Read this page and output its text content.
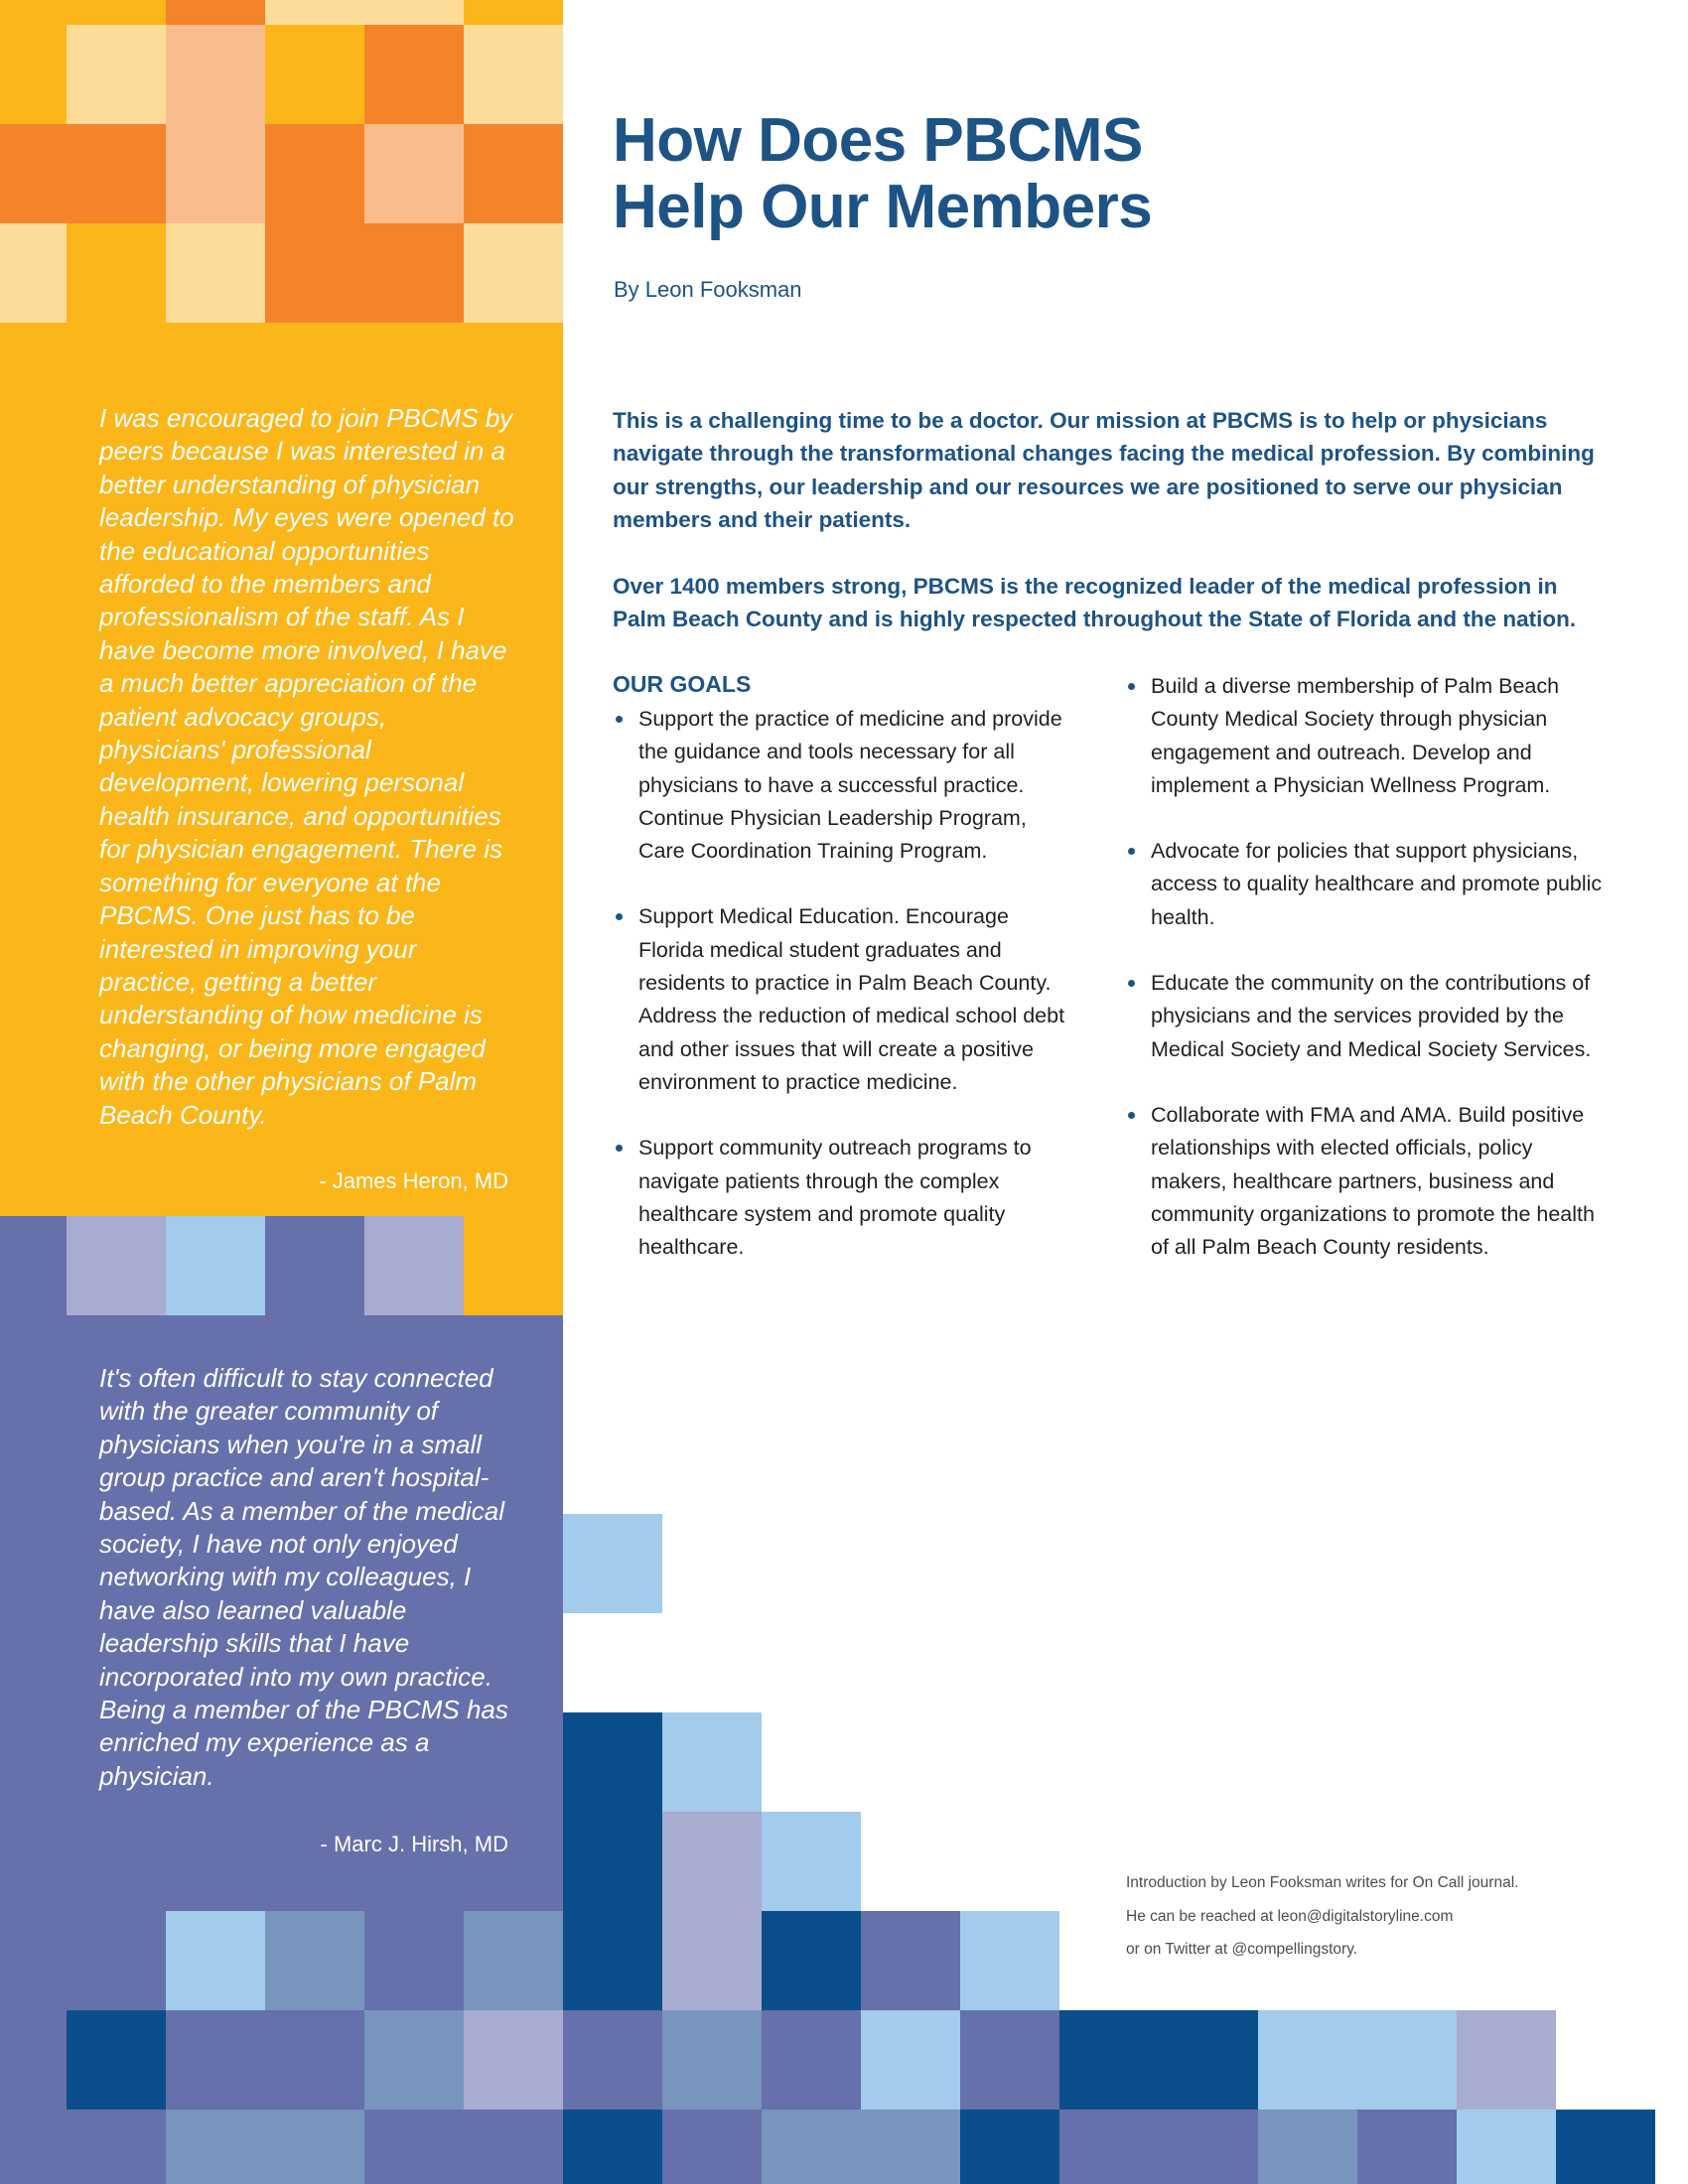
I was encouraged to join PBCMS by peers because I was interested in a better understanding of physician leadership. My eyes were opened to the educational opportunities afforded to the members and professionalism of the staff. As I have become more involved, I have a much better appreciation of the patient advocacy groups, physicians' professional development, lowering personal health insurance, and opportunities for physician engagement. There is something for everyone at the PBCMS. One just has to be interested in improving your practice, getting a better understanding of how medicine is changing, or being more engaged with the other physicians of Palm Beach County.

- James Heron, MD

It's often difficult to stay connected with the greater community of physicians when you're in a small group practice and aren't hospital-based. As a member of the medical society, I have not only enjoyed networking with my colleagues, I have also learned valuable leadership skills that I have incorporated into my own practice. Being a member of the PBCMS has enriched my experience as a physician.

- Marc J. Hirsh, MD
How Does PBCMS
Help Our Members
By Leon Fooksman

This is a challenging time to be a doctor. Our mission at PBCMS is to help or physicians navigate through the transformational changes facing the medical profession. By combining our strengths, our leadership and our resources we are positioned to serve our physician members and their patients.

Over 1400 members strong, PBCMS is the recognized leader of the medical profession in Palm Beach County and is highly respected throughout the State of Florida and the nation.

OUR GOALS
Support the practice of medicine and provide the guidance and tools necessary for all physicians to have a successful practice. Continue Physician Leadership Program, Care Coordination Training Program.
Support Medical Education. Encourage Florida medical student graduates and residents to practice in Palm Beach County. Address the reduction of medical school debt and other issues that will create a positive environment to practice medicine.
Support community outreach programs to navigate patients through the complex healthcare system and promote quality healthcare.
Build a diverse membership of Palm Beach County Medical Society through physician engagement and outreach. Develop and implement a Physician Wellness Program.
Advocate for policies that support physicians, access to quality healthcare and promote public health.
Educate the community on the contributions of physicians and the services provided by the Medical Society and Medical Society Services.
Collaborate with FMA and AMA. Build positive relationships with elected officials, policy makers, healthcare partners, business and community organizations to promote the health of all Palm Beach County residents.
Introduction by Leon Fooksman writes for On Call journal.
He can be reached at leon@digitalstoryline.com
or on Twitter at @compellingstory.
